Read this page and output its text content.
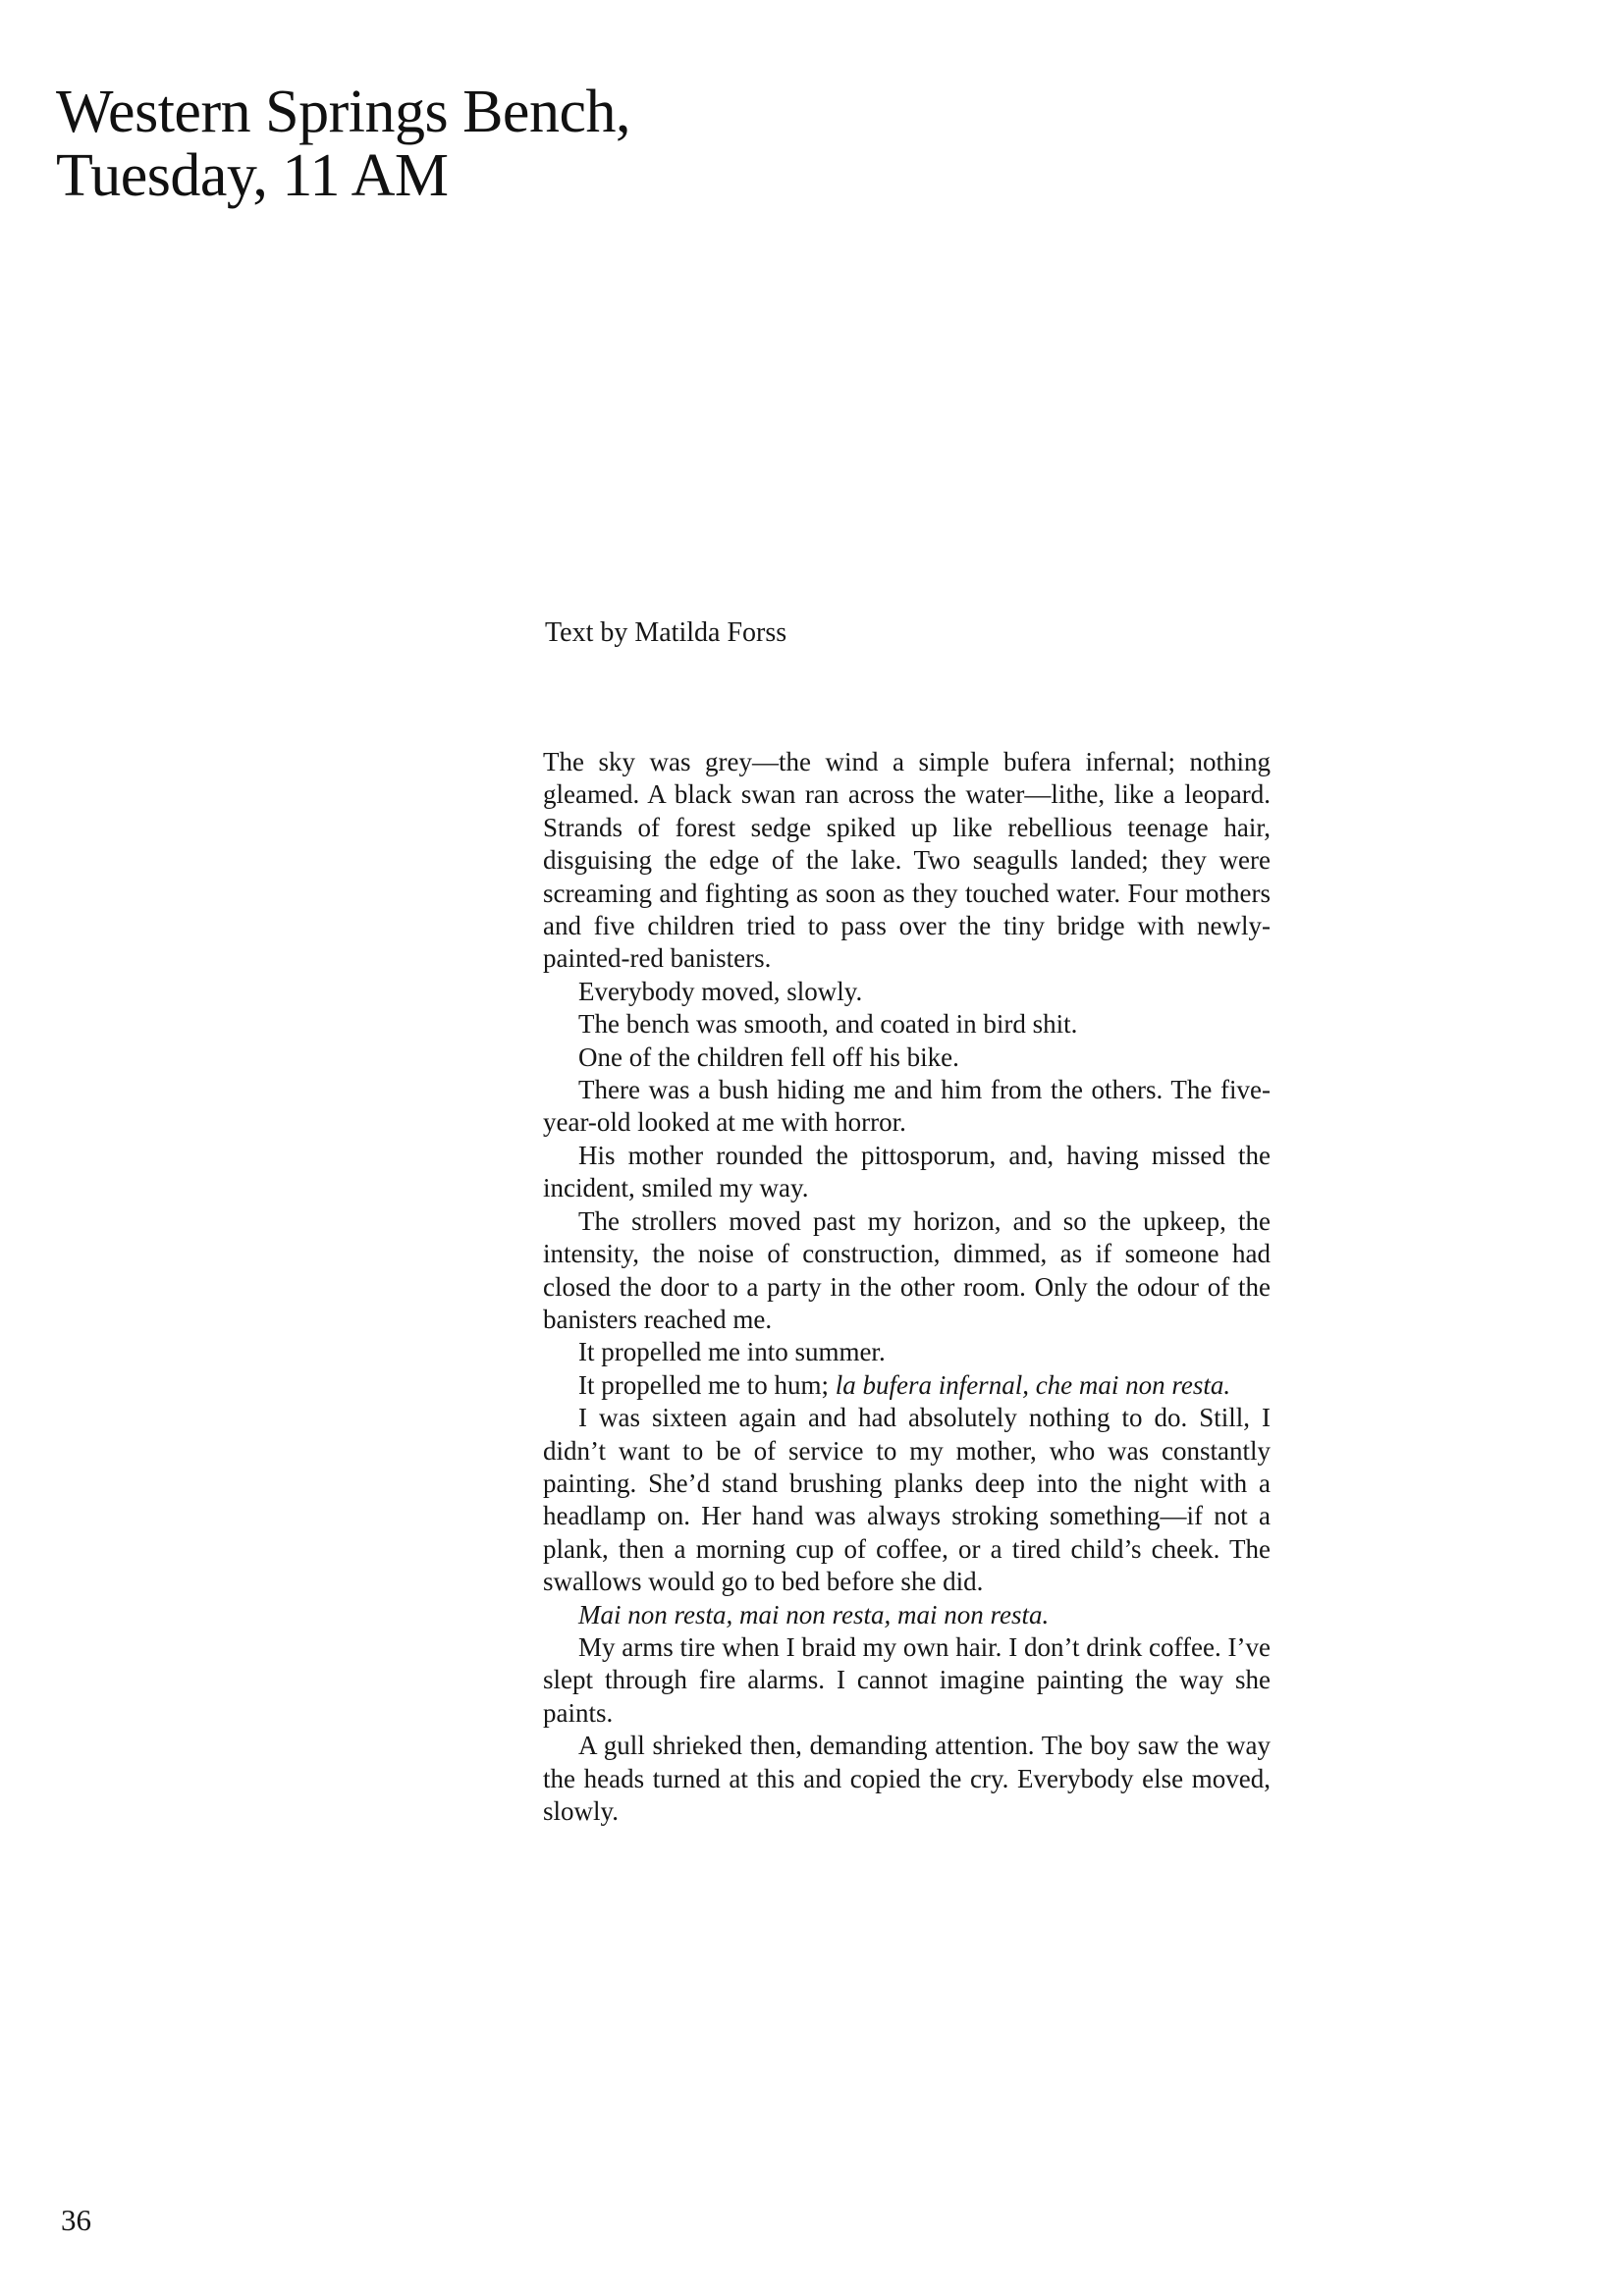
Western Springs Bench,
Tuesday, 11 AM
Text by Matilda Forss

The sky was grey—the wind a simple bufera infernal; nothing gleamed. A black swan ran across the water—lithe, like a leopard. Strands of forest sedge spiked up like rebellious teenage hair, disguising the edge of the lake. Two seagulls landed; they were screaming and fighting as soon as they touched water. Four mothers and five children tried to pass over the tiny bridge with newly-painted-red banisters.

Everybody moved, slowly.

The bench was smooth, and coated in bird shit.

One of the children fell off his bike.

There was a bush hiding me and him from the others. The five-year-old looked at me with horror.

His mother rounded the pittosporum, and, having missed the incident, smiled my way.

The strollers moved past my horizon, and so the upkeep, the intensity, the noise of construction, dimmed, as if someone had closed the door to a party in the other room. Only the odour of the banisters reached me.

It propelled me into summer.

It propelled me to hum; la bufera infernal, che mai non resta.

I was sixteen again and had absolutely nothing to do. Still, I didn’t want to be of service to my mother, who was constantly painting. She’d stand brushing planks deep into the night with a headlamp on. Her hand was always stroking something—if not a plank, then a morning cup of coffee, or a tired child’s cheek. The swallows would go to bed before she did.

Mai non resta, mai non resta, mai non resta.

My arms tire when I braid my own hair. I don’t drink coffee. I’ve slept through fire alarms. I cannot imagine painting the way she paints.

A gull shrieked then, demanding attention. The boy saw the way the heads turned at this and copied the cry. Everybody else moved, slowly.

36
